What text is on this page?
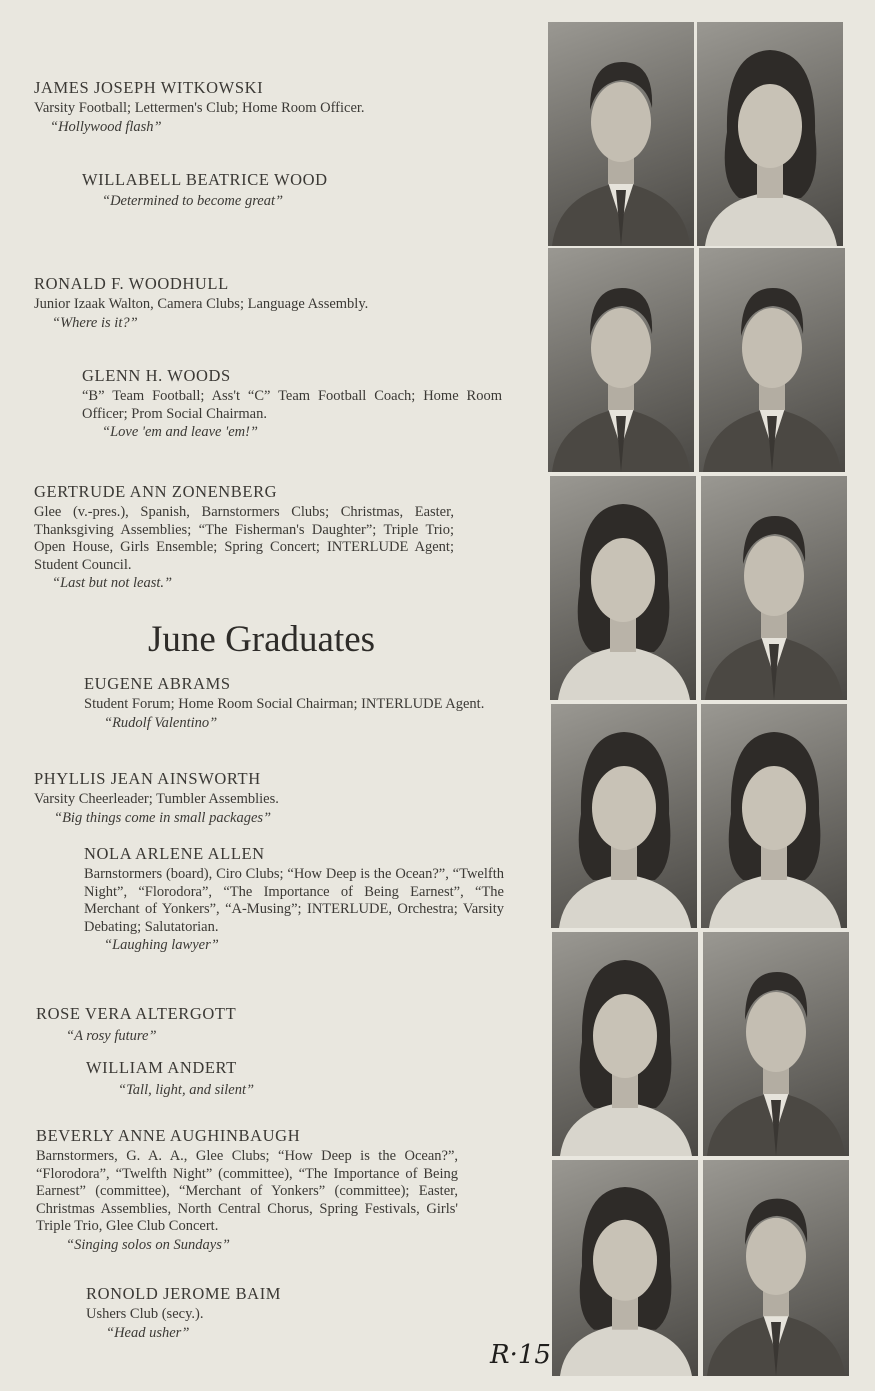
JAMES JOSEPH WITKOWSKI
Varsity Football; Lettermen's Club; Home Room Officer.
“Hollywood flash”
WILLABELL BEATRICE WOOD
“Determined to become great”
RONALD F. WOODHULL
Junior Izaak Walton, Camera Clubs; Language Assembly.
“Where is it?”
GLENN H. WOODS
“B” Team Football; Ass't “C” Team Football Coach; Home Room Officer; Prom Social Chairman.
“Love 'em and leave 'em!”
GERTRUDE ANN ZONENBERG
Glee (v.-pres.), Spanish, Barnstormers Clubs; Christmas, Easter, Thanksgiving Assemblies; “The Fisherman's Daughter”; Triple Trio; Open House, Girls Ensemble; Spring Concert; INTERLUDE Agent; Student Council.
“Last but not least.”
June Graduates
EUGENE ABRAMS
Student Forum; Home Room Social Chairman; INTERLUDE Agent.
“Rudolf Valentino”
PHYLLIS JEAN AINSWORTH
Varsity Cheerleader; Tumbler Assemblies.
“Big things come in small packages”
NOLA ARLENE ALLEN
Barnstormers (board), Ciro Clubs; “How Deep is the Ocean?”, “Twelfth Night”, “Florodora”, “The Importance of Being Earnest”, “The Merchant of Yonkers”, “A-Musing”; INTERLUDE, Orchestra; Varsity Debating; Salutatorian.
“Laughing lawyer”
ROSE VERA ALTERGOTT
“A rosy future”
WILLIAM ANDERT
“Tall, light, and silent”
BEVERLY ANNE AUGHINBAUGH
Barnstormers, G. A. A., Glee Clubs; “How Deep is the Ocean?”, “Florodora”, “Twelfth Night” (committee), “The Importance of Being Earnest” (committee), “Merchant of Yonkers” (committee); Easter, Christmas Assemblies, North Central Chorus, Spring Festivals, Girls' Triple Trio, Glee Club Concert.
“Singing solos on Sundays”
RONOLD JEROME BAIM
Ushers Club (secy.).
“Head usher”
R·15
